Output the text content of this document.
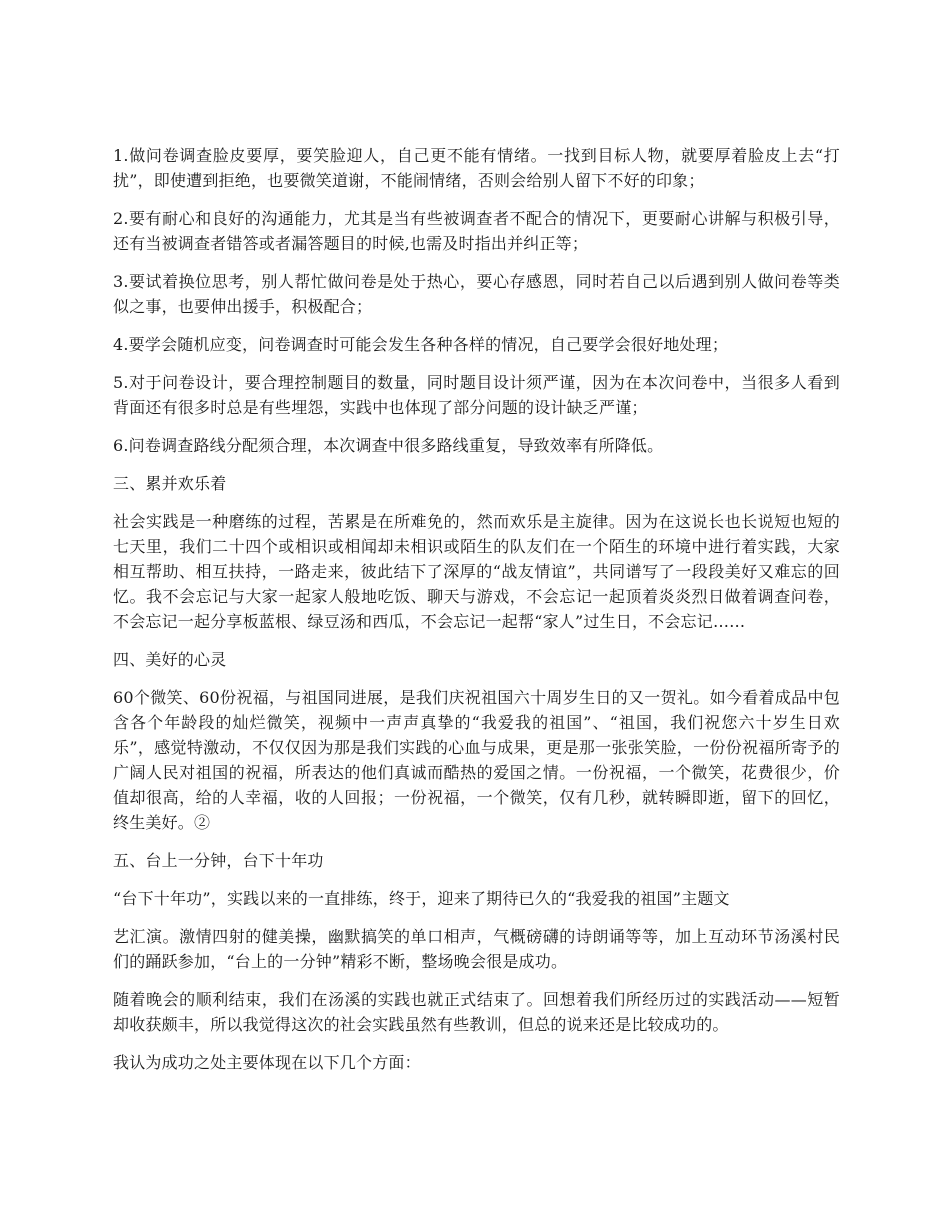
1.做问卷调查脸皮要厚，要笑脸迎人，自己更不能有情绪。一找到目标人物，就要厚着脸皮上去“打扰”，即使遭到拒绝，也要微笑道谢，不能闹情绪，否则会给别人留下不好的印象；

2.要有耐心和良好的沟通能力，尤其是当有些被调查者不配合的情况下，更要耐心讲解与积极引导，还有当被调查者错答或者漏答题目的时候,也需及时指出并纠正等；

3.要试着换位思考，别人帮忙做问卷是处于热心，要心存感恩，同时若自己以后遇到别人做问卷等类似之事，也要伸出援手，积极配合；

4.要学会随机应变，问卷调查时可能会发生各种各样的情况，自己要学会很好地处理；

5.对于问卷设计，要合理控制题目的数量，同时题目设计须严谨，因为在本次问卷中，当很多人看到背面还有很多时总是有些埋怨，实践中也体现了部分问题的设计缺乏严谨；

6.问卷调查路线分配须合理，本次调查中很多路线重复，导致效率有所降低。

三、累并欢乐着

社会实践是一种磨练的过程，苦累是在所难免的，然而欢乐是主旋律。因为在这说长也长说短也短的七天里，我们二十四个或相识或相闻却未相识或陌生的队友们在一个陌生的环境中进行着实践，大家相互帮助、相互扶持，一路走来，彼此结下了深厚的“战友情谊”，共同谱写了一段段美好又难忘的回忆。我不会忘记与大家一起家人般地吃饭、聊天与游戏，不会忘记一起顶着炎炎烈日做着调查问卷，不会忘记一起分享板蓝根、绿豆汤和西瓜，不会忘记一起帮“家人”过生日，不会忘记……

四、美好的心灵

60个微笑、60份祝福，与祖国同进展，是我们庆祝祖国六十周岁生日的又一贺礼。如今看着成品中包含各个年龄段的灿烂微笑，视频中一声声真挚的“我爱我的祖国”、“祖国，我们祝您六十岁生日欢乐”，感觉特激动，不仅仅因为那是我们实践的心血与成果，更是那一张张笑脸，一份份祝福所寄予的广阔人民对祖国的祝福，所表达的他们真诚而酷热的爱国之情。一份祝福，一个微笑，花费很少，价值却很高，给的人幸福，收的人回报；一份祝福，一个微笑，仅有几秒，就转瞬即逝，留下的回忆，终生美好。②

五、台上一分钟，台下十年功

“台下十年功”，实践以来的一直排练，终于，迎来了期待已久的“我爱我的祖国”主题文

艺汇演。激情四射的健美操，幽默搞笑的单口相声，气概磅礴的诗朗诵等等，加上互动环节汤溪村民们的踊跃参加，“台上的一分钟”精彩不断，整场晚会很是成功。

随着晚会的顺利结束，我们在汤溪的实践也就正式结束了。回想着我们所经历过的实践活动——短暂却收获颇丰，所以我觉得这次的社会实践虽然有些教训，但总的说来还是比较成功的。

我认为成功之处主要体现在以下几个方面：
